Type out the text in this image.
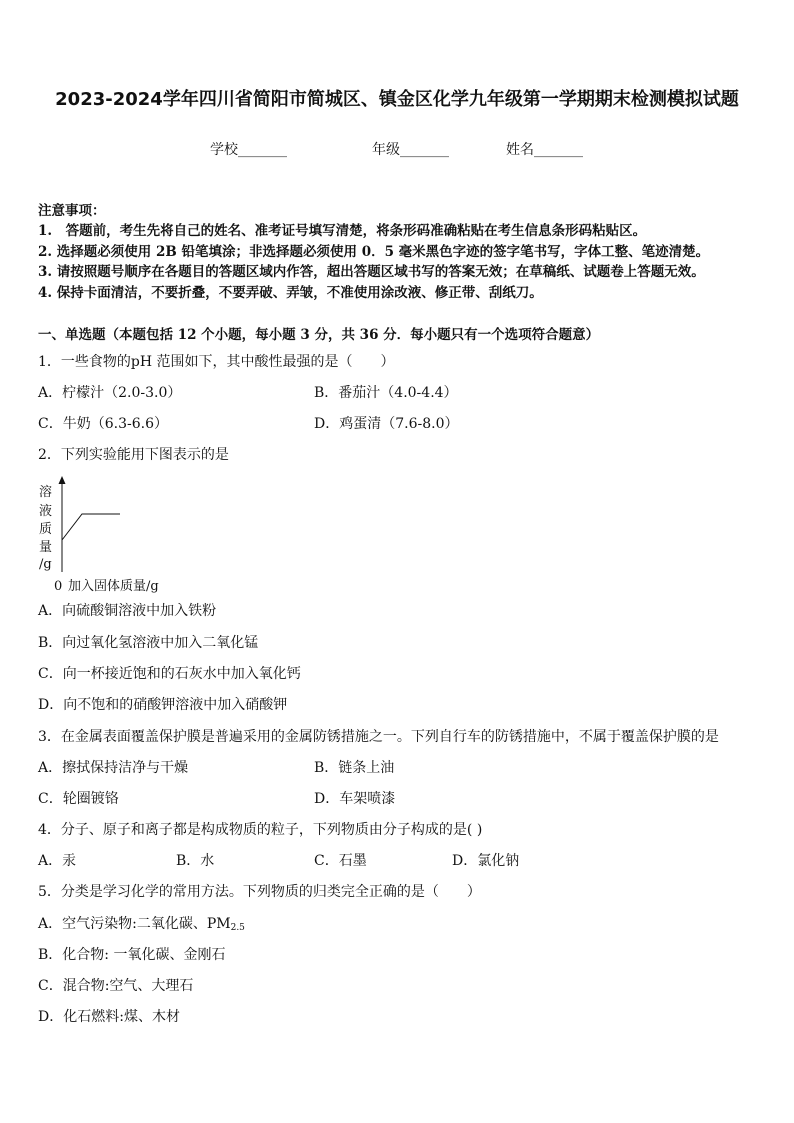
2023-2024学年四川省简阳市简城区、镇金区化学九年级第一学期期末检测模拟试题
学校_______	年级_______	姓名_______
注意事项：
1.　答题前，考生先将自己的姓名、准考证号填写清楚，将条形码准确粘贴在考生信息条形码粘贴区。
2. 选择题必须使用 2B 铅笔填涂；非选择题必须使用 0．5 毫米黑色字迹的签字笔书写，字体工整、笔迹清楚。
3. 请按照题号顺序在各题目的答题区域内作答，超出答题区域书写的答案无效；在草稿纸、试题卷上答题无效。
4. 保持卡面清洁，不要折叠，不要弄破、弄皱，不准使用涂改液、修正带、刮纸刀。
一、单选题（本题包括 12 个小题，每小题 3 分，共 36 分．每小题只有一个选项符合题意）
1．一些食物的pH 范围如下，其中酸性最强的是（　　）
A．柠檬汁（2.0-3.0）	B．番茄汁（4.0-4.4）
C．牛奶（6.3-6.6）	D．鸡蛋清（7.6-8.0）
2．下列实验能用下图表示的是
溶
液
质
量
/g
0 加入固体质量/g
A．向硫酸铜溶液中加入铁粉
B．向过氧化氢溶液中加入二氧化锰
C．向一杯接近饱和的石灰水中加入氧化钙
D．向不饱和的硝酸钾溶液中加入硝酸钾
3．在金属表面覆盖保护膜是普遍采用的金属防锈措施之一。下列自行车的防锈措施中，不属于覆盖保护膜的是
A．擦拭保持洁净与干燥	B．链条上油
C．轮圈镀铬	D．车架喷漆
4．分子、原子和离子都是构成物质的粒子，下列物质由分子构成的是( )
A．汞	B．水	C．石墨	D．氯化钠
5．分类是学习化学的常用方法。下列物质的归类完全正确的是（　　）
A．空气污染物:二氧化碳、$PM_{2.5}$
B．化合物: 一氧化碳、金刚石
C．混合物:空气、大理石
D．化石燃料:煤、木材
